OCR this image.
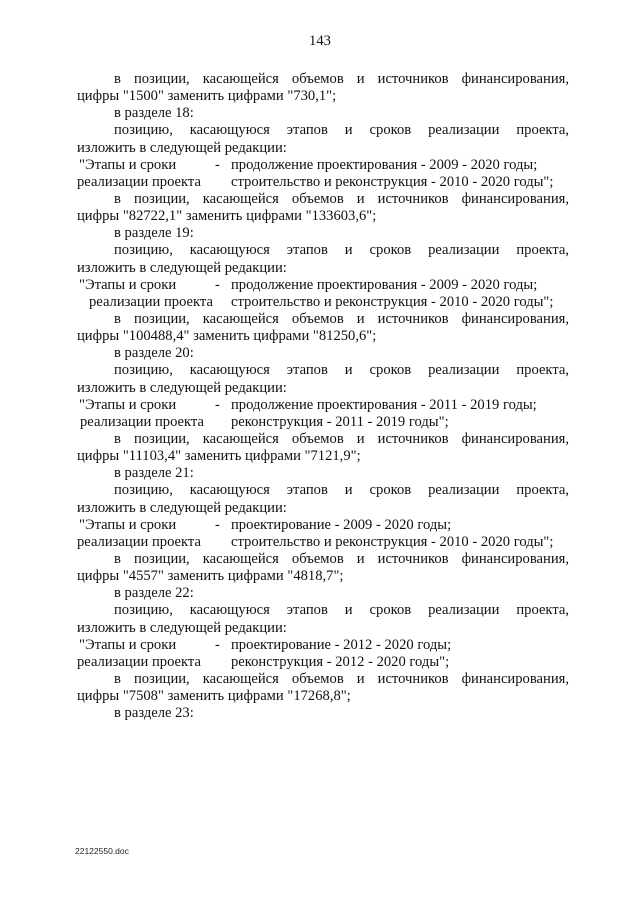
143
в позиции, касающейся объемов и источников финансирования,
цифры "1500" заменить цифрами "730,1";
в разделе 18:
позицию, касающуюся этапов и сроков реализации проекта,
изложить в следующей редакции:
"Этапы и сроки	- продолжение проектирования - 2009 - 2020 годы;
реализации проекта строительство и реконструкция - 2010 - 2020 годы";
в позиции, касающейся объемов и источников финансирования,
цифры "82722,1" заменить цифрами "133603,6";
в разделе 19:
позицию, касающуюся этапов и сроков реализации проекта,
изложить в следующей редакции:
"Этапы и сроки	- продолжение проектирования - 2009 - 2020 годы;
реализации проекта строительство и реконструкция - 2010 - 2020 годы";
в позиции, касающейся объемов и источников финансирования,
цифры "100488,4" заменить цифрами "81250,6";
в разделе 20:
позицию, касающуюся этапов и сроков реализации проекта,
изложить в следующей редакции:
"Этапы и сроки	- продолжение проектирования - 2011 - 2019 годы;
реализации проекта реконструкция - 2011 - 2019 годы";
в позиции, касающейся объемов и источников финансирования,
цифры "11103,4" заменить цифрами "7121,9";
в разделе 21:
позицию, касающуюся этапов и сроков реализации проекта,
изложить в следующей редакции:
"Этапы и сроки	- проектирование - 2009 - 2020 годы;
реализации проекта строительство и реконструкция - 2010 - 2020 годы";
в позиции, касающейся объемов и источников финансирования,
цифры "4557" заменить цифрами "4818,7";
в разделе 22:
позицию, касающуюся этапов и сроков реализации проекта,
изложить в следующей редакции:
"Этапы и сроки	- проектирование - 2012 - 2020 годы;
реализации проекта реконструкция - 2012 - 2020 годы";
в позиции, касающейся объемов и источников финансирования,
цифры "7508" заменить цифрами "17268,8";
в разделе 23:
22122550.doc
